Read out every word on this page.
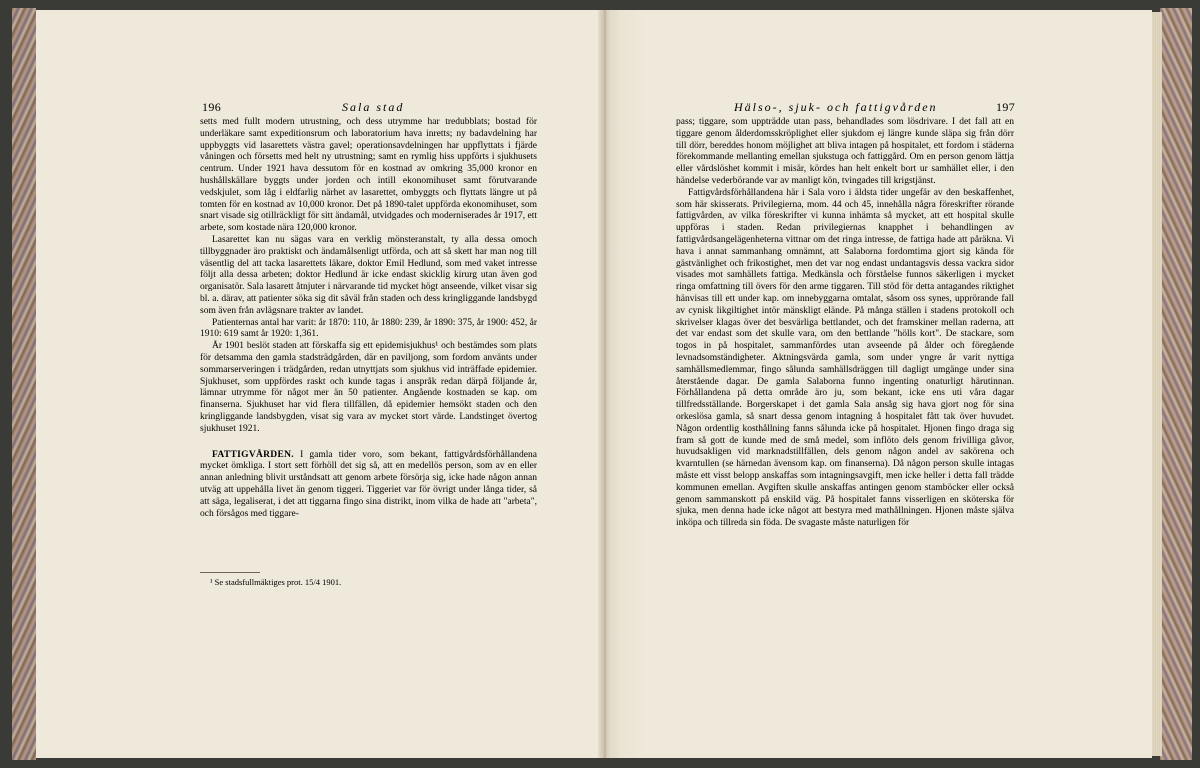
196	Sala stad

setts med fullt modern utrustning, och dess utrymme har tredubblats; bostad för underläkare samt expeditionsrum och laboratorium hava inretts; ny badavdelning har uppbyggts vid lasarettets västra gavel; operationsavdelningen har uppflyttats i fjärde våningen och försetts med helt ny utrustning; samt en rymlig hiss uppförts i sjukhusets centrum. Under 1921 hava dessutom för en kostnad av omkring 35,000 kronor en hushållskällare byggts under jorden och intill ekonomihuset samt förutvarande vedskjulet, som låg i eldfarlig närhet av lasarettet, ombyggts och flyttats längre ut på tomten för en kostnad av 10,000 kronor. Det på 1890-talet uppförda ekonomihuset, som snart visade sig otillräckligt för sitt ändamål, utvidgades och moderniserades år 1917, ett arbete, som kostade nära 120,000 kronor.

Lasarettet kan nu sägas vara en verklig mönsteranstalt, ty alla dessa omoch tillbyggnader äro praktiskt och ändamålsenligt utförda, och att så skett har man nog till väsentlig del att tacka lasarettets läkare, doktor Emil Hedlund, som med vaket intresse följt alla dessa arbeten; doktor Hedlund är icke endast skicklig kirurg utan även god organisatör. Sala lasarett åtnjuter i närvarande tid mycket högt anseende, vilket visar sig bl. a. därav, att patienter söka sig dit såväl från staden och dess kringliggande landsbygd som även från avlägsnare trakter av landet.

Patienternas antal har varit: år 1870: 110, år 1880: 239, år 1890: 375, år 1900: 452, år 1910: 619 samt år 1920: 1,361.

År 1901 beslöt staden att förskaffa sig ett epidemisjukhus¹ och bestämdes som plats för detsamma den gamla stadsträdgården, där en paviljong, som fordom använts under sommarserveringen i trädgården, redan utnyttjats som sjukhus vid inträffade epidemier. Sjukhuset, som uppfördes raskt och kunde tagas i anspråk redan därpå följande år, lämnar utrymme för något mer än 50 patienter. Angående kostnaden se kap. om finanserna. Sjukhuset har vid flera tillfällen, då epidemier hemsökt staden och den kringliggande landsbygden, visat sig vara av mycket stort värde. Landstinget övertog sjukhuset 1921.

FATTIGVÅRDEN. I gamla tider voro, som bekant, fattigvårdsförhållandena mycket ömkliga. I stort sett förhöll det sig så, att en medellös person, som av en eller annan anledning blivit urståndsatt att genom arbete försörja sig, icke hade någon annan utväg att uppehålla livet än genom tiggeri. Tiggeriet var för övrigt under långa tider, så att säga, legaliserat, i det att tiggarna fingo sina distrikt, inom vilka de hade att "arbeta", och försågos med tiggare-

¹ Se stadsfullmäktiges prot. 15/4 1901.
Hälso-, sjuk- och fattigvården	197

pass; tiggare, som uppträdde utan pass, behandlades som lösdrivare. I det fall att en tiggare genom ålderdomsskröplighet eller sjukdom ej längre kunde släpa sig från dörr till dörr, bereddes honom möjlighet att bliva intagen på hospitalet, ett fordom i städerna förekommande mellanting emellan sjukstuga och fattiggård. Om en person genom lättja eller vårdslöshet kommit i misär, kördes han helt enkelt bort ur samhället eller, i den händelse vederbörande var av manligt kön, tvingades till krigstjänst.

Fattigvårdsförhållandena här i Sala voro i äldsta tider ungefär av den beskaffenhet, som här skisserats. Privilegierna, mom. 44 och 45, innehålla några föreskrifter rörande fattigvården, av vilka föreskrifter vi kunna inhämta så mycket, att ett hospital skulle uppföras i staden. Redan privilegiernas knapphet i behandlingen av fattigvårdsangelägenheterna vittnar om det ringa intresse, de fattiga hade att påräkna. Vi hava i annat sammanhang omnämnt, att Salaborna fordomtima gjort sig kända för gästvänlighet och frikostighet, men det var nog endast undantagsvis dessa vackra sidor visades mot samhällets fattiga. Medkänsla och förståelse funnos säkerligen i mycket ringa omfattning till övers för den arme tiggaren. Till stöd för detta antagandes riktighet hänvisas till ett under kap. om innebyggarna omtalat, såsom oss synes, upprörande fall av cynisk likgiltighet intör mänskligt elände. På många ställen i stadens protokoll och skrivelser klagas över det besvärliga bettlandet, och det framskiner mellan raderna, att det var endast som det skulle vara, om den bettlande "hölls kort". De stackare, som togos in på hospitalet, sammanfördes utan avseende på ålder och föregående levnadsomständigheter. Aktningsvärda gamla, som under yngre år varit nyttiga samhällsmedlemmar, fingo sålunda samhällsdräggen till dagligt umgänge under sina återstående dagar. De gamla Salaborna funno ingenting onaturligt härutinnan. Förhållandena på detta område äro ju, som bekant, icke ens uti våra dagar tillfredsställande. Borgerskapet i det gamla Sala ansåg sig hava gjort nog för sina orkeslösa gamla, så snart dessa genom intagning å hospitalet fått tak över huvudet. Någon ordentlig kosthållning fanns sålunda icke på hospitalet. Hjonen fingo draga sig fram så gott de kunde med de små medel, som inflöto dels genom frivilliga gåvor, huvudsakligen vid marknadstillfällen, dels genom någon andel av sakörena och kvarntullen (se härnedan ävensom kap. om finanserna). Då någon person skulle intagas måste ett visst belopp anskaffas som intagningsavgift, men icke heller i detta fall trädde kommunen emellan. Avgiften skulle anskaffas antingen genom stamböcker eller också genom sammanskott på enskild väg. På hospitalet fanns visserligen en sköterska för sjuka, men denna hade icke något att bestyra med mathållningen. Hjonen måste själva inköpa och tillreda sin föda. De svagaste måste naturligen för
